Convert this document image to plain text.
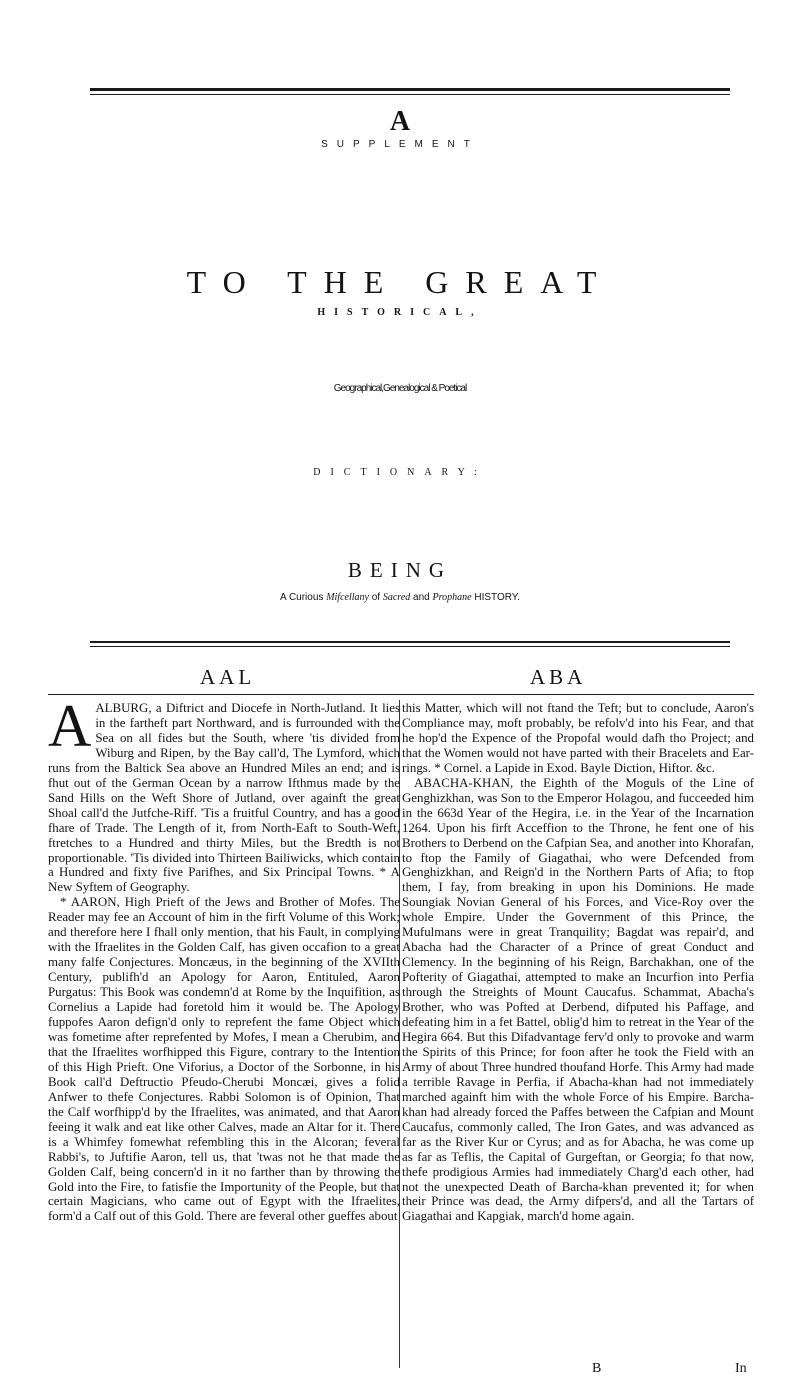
A
SUPPLEMENT
TO THE GREAT
HISTORICAL,
Geographical,Genealogical & Poetical
DICTIONARY:
BEING
A Curious Mifcellany of Sacred and Prophane HISTORY.
AAL	ABA
A ALBURG, a Diftrict and Diocefe in North-Jutland. It lies in the fartheft part Northward, and is furrounded with the Sea on all fides but the South, where 'tis divided from Wiburg and Ripen, by the Bay call'd, The Lymford, which runs from the Baltick Sea above an Hundred Miles an end; and is fhut out of the German Ocean by a narrow Ifthmus made by the Sand Hills on the Weft Shore of Jutland, over againft the great Shoal call'd the Jutfche-Riff. 'Tis a fruitful Country, and has a good fhare of Trade. The Length of it, from North-Eaft to South-Weft, ftretches to a Hundred and thirty Miles, but the Bredth is not proportionable. 'Tis divided into Thirteen Bailiwicks, which contain a Hundred and fixty five Parifhes, and Six Principal Towns. * A New Syftem of Geography.

* AARON, High Prieft of the Jews and Brother of Mofes. The Reader may fee an Account of him in the firft Volume of this Work; and therefore here I fhall only mention, that his Fault, in complying with the Ifraelites in the Golden Calf, has given occafion to a great many falfe Conjectures. Moncæus, in the beginning of the XVIIth Century, publifh'd an Apology for Aaron, Entituled, Aaron Purgatus: This Book was condemn'd at Rome by the Inquifition, as Cornelius a Lapide had foretold him it would be. The Apology fuppofes Aaron defign'd only to reprefent the fame Object which was fometime after reprefented by Mofes, I mean a Cherubim, and that the Ifraelites worfhipped this Figure, contrary to the Intention of this High Prieft. One Viforius, a Doctor of the Sorbonne, in his Book call'd Deftructio Pfeudo-Cherubi Moncæi, gives a folid Anfwer to thefe Conjectures. Rabbi Solomon is of Opinion, That the Calf worfhipp'd by the Ifraelites, was animated, and that Aaron feeing it walk and eat like other Calves, made an Altar for it. There is a Whimfey fomewhat refembling this in the Alcoran; feveral Rabbi's, to Juftifie Aaron, tell us, that 'twas not he that made the Golden Calf, being concern'd in it no farther than by throwing the Gold into the Fire, to fatisfie the Importunity of the People, but that certain Magicians, who came out of Egypt with the Ifraelites, form'd a Calf out of this Gold. There are feveral other gueffes about

this Matter, which will not ftand the Teft; but to conclude, Aaron's Compliance may, moft probably, be refolv'd into his Fear, and that he hop'd the Expence of the Propofal would dafh tho Project; and that the Women would not have parted with their Bracelets and Ear-rings. * Cornel. a Lapide in Exod. Bayle Diction, Hiftor. &c.

ABACHA-KHAN, the Eighth of the Moguls of the Line of Genghizkhan, was Son to the Emperor Holagou, and fucceeded him in the 663d Year of the Hegira, i.e. in the Year of the Incarnation 1264. Upon his firft Acceffion to the Throne, he fent one of his Brothers to Derbend on the Cafpian Sea, and another into Khorafan, to ftop the Family of Giagathai, who were Defcended from Genghizkhan, and Reign'd in the Northern Parts of Afia; to ftop them, I fay, from breaking in upon his Dominions. He made Soungiak Novian General of his Forces, and Vice-Roy over the whole Empire. Under the Government of this Prince, the Mufulmans were in great Tranquility; Bagdat was repair'd, and Abacha had the Character of a Prince of great Conduct and Clemency. In the beginning of his Reign, Barchakhan, one of the Pofterity of Giagathai, attempted to make an Incurfion into Perfia through the Streights of Mount Caucafus. Schammat, Abacha's Brother, who was Pofted at Derbend, difputed his Paffage, and defeating him in a fet Battel, oblig'd him to retreat in the Year of the Hegira 664. But this Difadvantage ferv'd only to provoke and warm the Spirits of this Prince; for foon after he took the Field with an Army of about Three hundred thoufand Horfe. This Army had made a terrible Ravage in Perfia, if Abacha-khan had not immediately marched againft him with the whole Force of his Empire. Barcha-khan had already forced the Paffes between the Cafpian and Mount Caucafus, commonly called, The Iron Gates, and was advanced as far as the River Kur or Cyrus; and as for Abacha, he was come up as far as Teflis, the Capital of Gurgeftan, or Georgia; fo that now, thefe prodigious Armies had immediately Charg'd each other, had not the unexpected Death of Barcha-khan prevented it; for when their Prince was dead, the Army difpers'd, and all the Tartars of Giagathai and Kapgiak, march'd home again.

B	In
